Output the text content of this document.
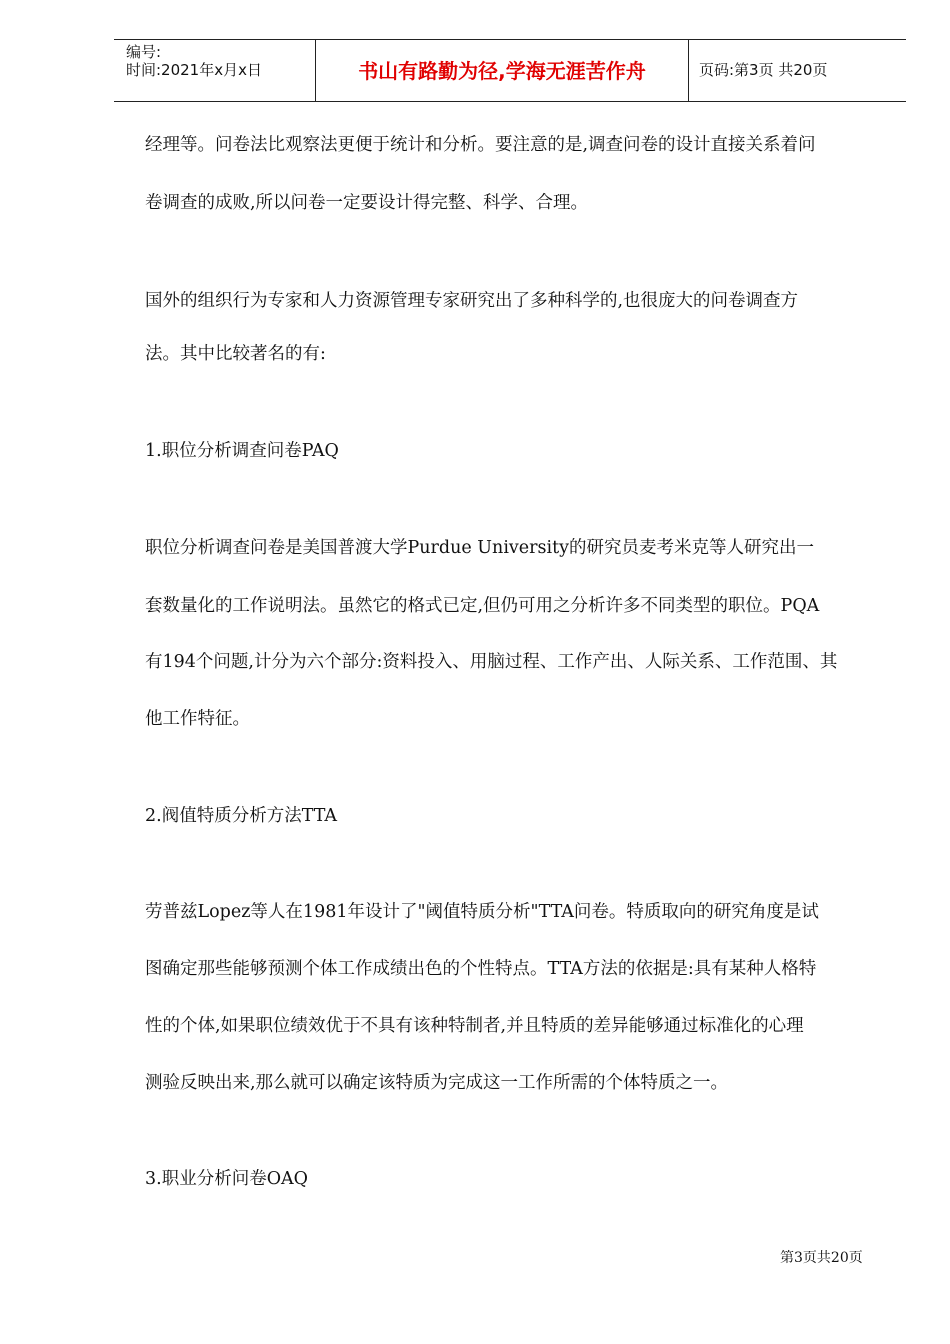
编号:
时间:2021年x月x日	书山有路勤为径,学海无涯苦作舟	页码:第3页 共20页
经理等。问卷法比观察法更便于统计和分析。要注意的是,调查问卷的设计直接关系着问
卷调查的成败,所以问卷一定要设计得完整、科学、合理。
国外的组织行为专家和人力资源管理专家研究出了多种科学的,也很庞大的问卷调查方
法。其中比较著名的有:
1.职位分析调查问卷PAQ
职位分析调查问卷是美国普渡大学Purdue University的研究员麦考米克等人研究出一
套数量化的工作说明法。虽然它的格式已定,但仍可用之分析许多不同类型的职位。PQA
有194个问题,计分为六个部分:资料投入、用脑过程、工作产出、人际关系、工作范围、其
他工作特征。
2.阀值特质分析方法TTA
劳普兹Lopez等人在1981年设计了"阈值特质分析"TTA问卷。特质取向的研究角度是试
图确定那些能够预测个体工作成绩出色的个性特点。TTA方法的依据是:具有某种人格特
性的个体,如果职位绩效优于不具有该种特制者,并且特质的差异能够通过标准化的心理
测验反映出来,那么就可以确定该特质为完成这一工作所需的个体特质之一。
3.职业分析问卷OAQ
第3页共20页
